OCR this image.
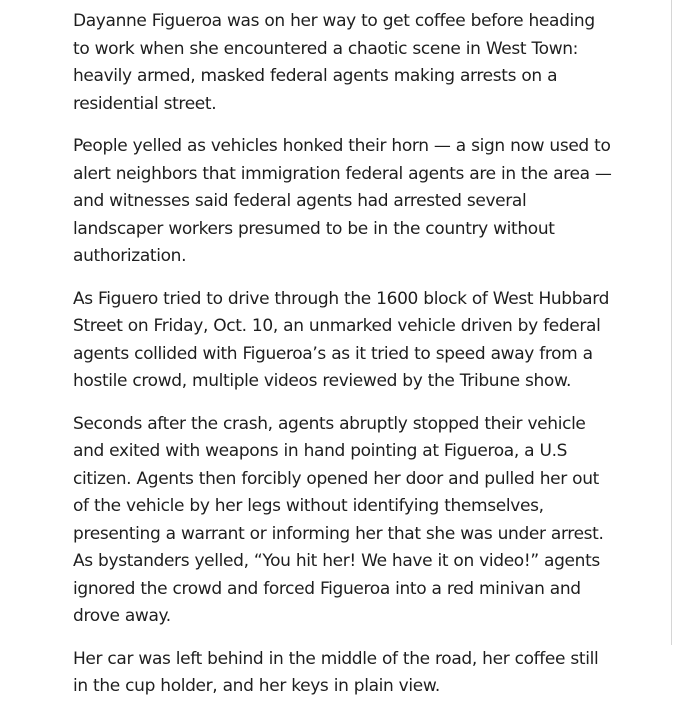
Dayanne Figueroa was on her way to get coffee before heading to work when she encountered a chaotic scene in West Town: heavily armed, masked federal agents making arrests on a residential street.

People yelled as vehicles honked their horn — a sign now used to alert neighbors that immigration federal agents are in the area — and witnesses said federal agents had arrested several landscaper workers presumed to be in the country without authorization.

As Figuero tried to drive through the 1600 block of West Hubbard Street on Friday, Oct. 10, an unmarked vehicle driven by federal agents collided with Figueroa’s as it tried to speed away from a hostile crowd, multiple videos reviewed by the Tribune show.

Seconds after the crash, agents abruptly stopped their vehicle and exited with weapons in hand pointing at Figueroa, a U.S citizen. Agents then forcibly opened her door and pulled her out of the vehicle by her legs without identifying themselves, presenting a warrant or informing her that she was under arrest. As bystanders yelled, “You hit her! We have it on video!” agents ignored the crowd and forced Figueroa into a red minivan and drove away.

Her car was left behind in the middle of the road, her coffee still in the cup holder, and her keys in plain view.
